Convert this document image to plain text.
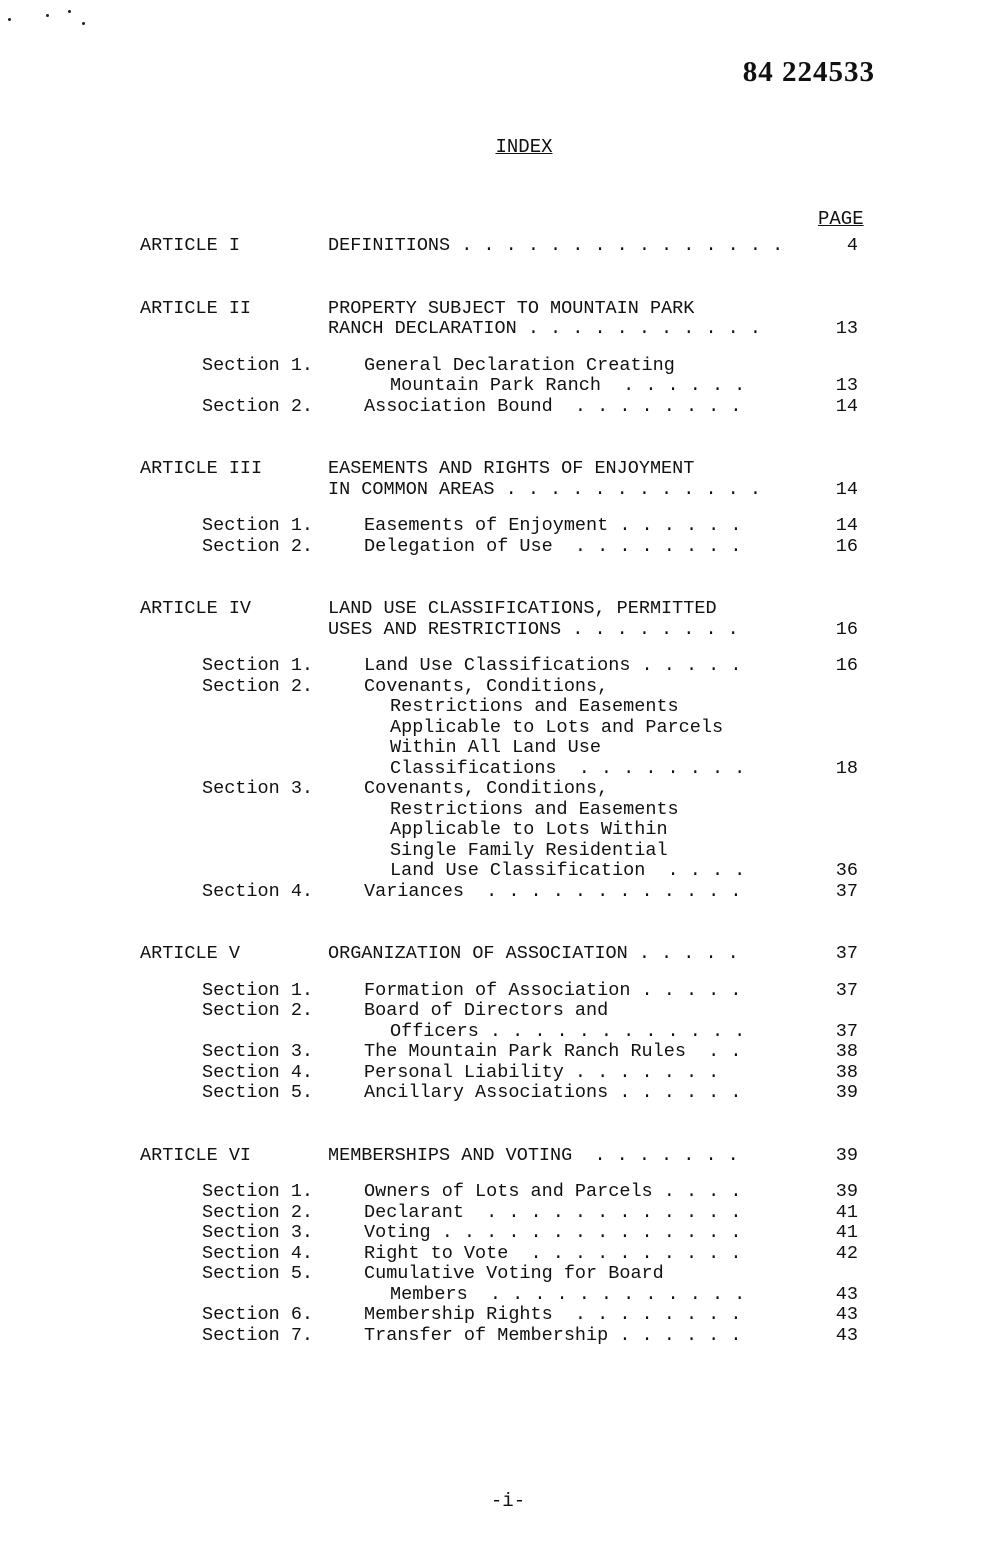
84 224533
INDEX
PAGE
ARTICLE I	DEFINITIONS . . . . . . . . . . . . . . .	4
ARTICLE II	PROPERTY SUBJECT TO MOUNTAIN PARK
RANCH DECLARATION . . . . . . . . . . .	13
Section 1.	General Declaration Creating
Mountain Park Ranch  . . . . . .	13
Section 2.	Association Bound  . . . . . . . .	14
ARTICLE III	EASEMENTS AND RIGHTS OF ENJOYMENT
IN COMMON AREAS . . . . . . . . . . . .	14
Section 1.	Easements of Enjoyment . . . . . .	14
Section 2.	Delegation of Use  . . . . . . . .	16
ARTICLE IV	LAND USE CLASSIFICATIONS, PERMITTED
USES AND RESTRICTIONS . . . . . . . .	16
Section 1.	Land Use Classifications . . . . .	16
Section 2.	Covenants, Conditions,
Restrictions and Easements
Applicable to Lots and Parcels
Within All Land Use
Classifications  . . . . . . . .	18
Section 3.	Covenants, Conditions,
Restrictions and Easements
Applicable to Lots Within
Single Family Residential
Land Use Classification  . . . .	36
Section 4.	Variances  . . . . . . . . . . . .	37
ARTICLE V	ORGANIZATION OF ASSOCIATION . . . . .	37
Section 1.	Formation of Association . . . . .	37
Section 2.	Board of Directors and
Officers . . . . . . . . . . . .	37
Section 3.	The Mountain Park Ranch Rules  . .	38
Section 4.	Personal Liability . . . . . . .	38
Section 5.	Ancillary Associations . . . . . .	39
ARTICLE VI	MEMBERSHIPS AND VOTING  . . . . . . .	39
Section 1.	Owners of Lots and Parcels . . . .	39
Section 2.	Declarant  . . . . . . . . . . . .	41
Section 3.	Voting . . . . . . . . . . . . . .	41
Section 4.	Right to Vote  . . . . . . . . . .	42
Section 5.	Cumulative Voting for Board
Members  . . . . . . . . . . . .	43
Section 6.	Membership Rights  . . . . . . . .	43
Section 7.	Transfer of Membership . . . . . .	43
-i-
